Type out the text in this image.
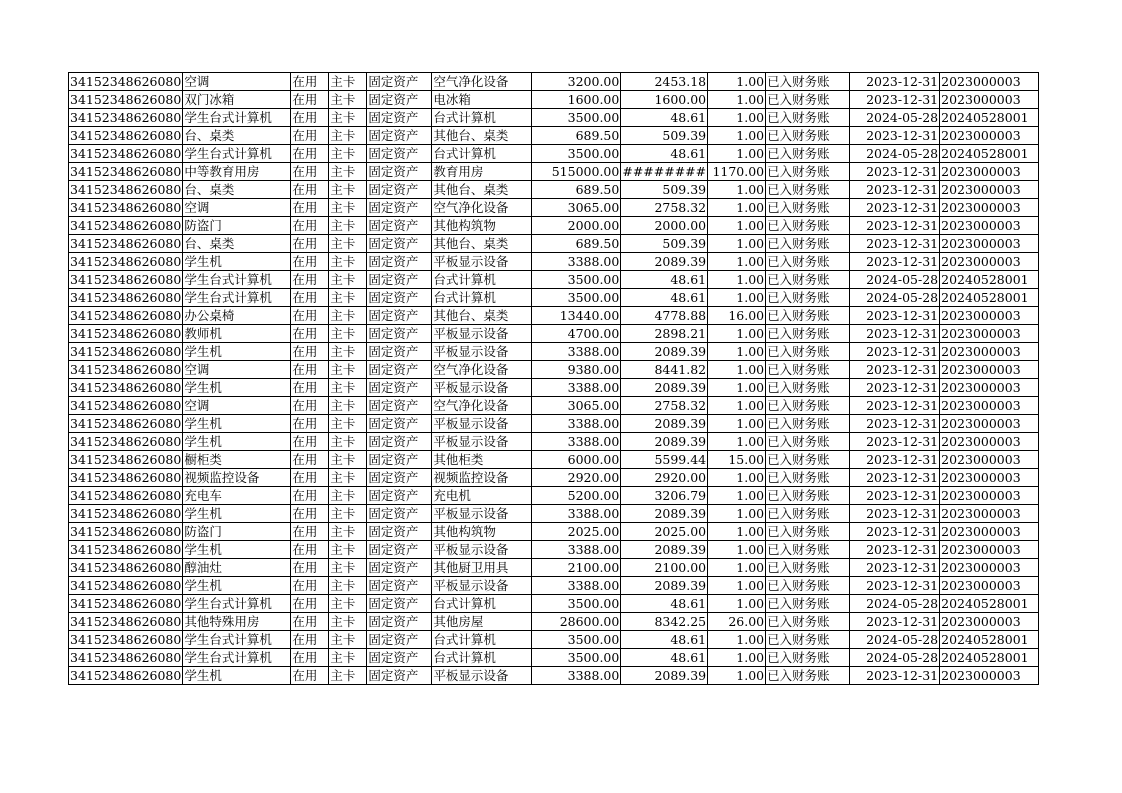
34152348626080	空调	在用	主卡	固定资产	空气净化设备	3200.00	2453.18	1.00	已入财务账	2023-12-31	2023000003
34152348626080	双门冰箱	在用	主卡	固定资产	电冰箱	1600.00	1600.00	1.00	已入财务账	2023-12-31	2023000003
34152348626080	学生台式计算机	在用	主卡	固定资产	台式计算机	3500.00	48.61	1.00	已入财务账	2024-05-28	20240528001
34152348626080	台、桌类	在用	主卡	固定资产	其他台、桌类	689.50	509.39	1.00	已入财务账	2023-12-31	2023000003
34152348626080	学生台式计算机	在用	主卡	固定资产	台式计算机	3500.00	48.61	1.00	已入财务账	2024-05-28	20240528001
34152348626080	中等教育用房	在用	主卡	固定资产	教育用房	515000.00	########	1170.00	已入财务账	2023-12-31	2023000003
34152348626080	台、桌类	在用	主卡	固定资产	其他台、桌类	689.50	509.39	1.00	已入财务账	2023-12-31	2023000003
34152348626080	空调	在用	主卡	固定资产	空气净化设备	3065.00	2758.32	1.00	已入财务账	2023-12-31	2023000003
34152348626080	防盗门	在用	主卡	固定资产	其他构筑物	2000.00	2000.00	1.00	已入财务账	2023-12-31	2023000003
34152348626080	台、桌类	在用	主卡	固定资产	其他台、桌类	689.50	509.39	1.00	已入财务账	2023-12-31	2023000003
34152348626080	学生机	在用	主卡	固定资产	平板显示设备	3388.00	2089.39	1.00	已入财务账	2023-12-31	2023000003
34152348626080	学生台式计算机	在用	主卡	固定资产	台式计算机	3500.00	48.61	1.00	已入财务账	2024-05-28	20240528001
34152348626080	学生台式计算机	在用	主卡	固定资产	台式计算机	3500.00	48.61	1.00	已入财务账	2024-05-28	20240528001
34152348626080	办公桌椅	在用	主卡	固定资产	其他台、桌类	13440.00	4778.88	16.00	已入财务账	2023-12-31	2023000003
34152348626080	教师机	在用	主卡	固定资产	平板显示设备	4700.00	2898.21	1.00	已入财务账	2023-12-31	2023000003
34152348626080	学生机	在用	主卡	固定资产	平板显示设备	3388.00	2089.39	1.00	已入财务账	2023-12-31	2023000003
34152348626080	空调	在用	主卡	固定资产	空气净化设备	9380.00	8441.82	1.00	已入财务账	2023-12-31	2023000003
34152348626080	学生机	在用	主卡	固定资产	平板显示设备	3388.00	2089.39	1.00	已入财务账	2023-12-31	2023000003
34152348626080	空调	在用	主卡	固定资产	空气净化设备	3065.00	2758.32	1.00	已入财务账	2023-12-31	2023000003
34152348626080	学生机	在用	主卡	固定资产	平板显示设备	3388.00	2089.39	1.00	已入财务账	2023-12-31	2023000003
34152348626080	学生机	在用	主卡	固定资产	平板显示设备	3388.00	2089.39	1.00	已入财务账	2023-12-31	2023000003
34152348626080	橱柜类	在用	主卡	固定资产	其他柜类	6000.00	5599.44	15.00	已入财务账	2023-12-31	2023000003
34152348626080	视频监控设备	在用	主卡	固定资产	视频监控设备	2920.00	2920.00	1.00	已入财务账	2023-12-31	2023000003
34152348626080	充电车	在用	主卡	固定资产	充电机	5200.00	3206.79	1.00	已入财务账	2023-12-31	2023000003
34152348626080	学生机	在用	主卡	固定资产	平板显示设备	3388.00	2089.39	1.00	已入财务账	2023-12-31	2023000003
34152348626080	防盗门	在用	主卡	固定资产	其他构筑物	2025.00	2025.00	1.00	已入财务账	2023-12-31	2023000003
34152348626080	学生机	在用	主卡	固定资产	平板显示设备	3388.00	2089.39	1.00	已入财务账	2023-12-31	2023000003
34152348626080	醇油灶	在用	主卡	固定资产	其他厨卫用具	2100.00	2100.00	1.00	已入财务账	2023-12-31	2023000003
34152348626080	学生机	在用	主卡	固定资产	平板显示设备	3388.00	2089.39	1.00	已入财务账	2023-12-31	2023000003
34152348626080	学生台式计算机	在用	主卡	固定资产	台式计算机	3500.00	48.61	1.00	已入财务账	2024-05-28	20240528001
34152348626080	其他特殊用房	在用	主卡	固定资产	其他房屋	28600.00	8342.25	26.00	已入财务账	2023-12-31	2023000003
34152348626080	学生台式计算机	在用	主卡	固定资产	台式计算机	3500.00	48.61	1.00	已入财务账	2024-05-28	20240528001
34152348626080	学生台式计算机	在用	主卡	固定资产	台式计算机	3500.00	48.61	1.00	已入财务账	2024-05-28	20240528001
34152348626080	学生机	在用	主卡	固定资产	平板显示设备	3388.00	2089.39	1.00	已入财务账	2023-12-31	2023000003
